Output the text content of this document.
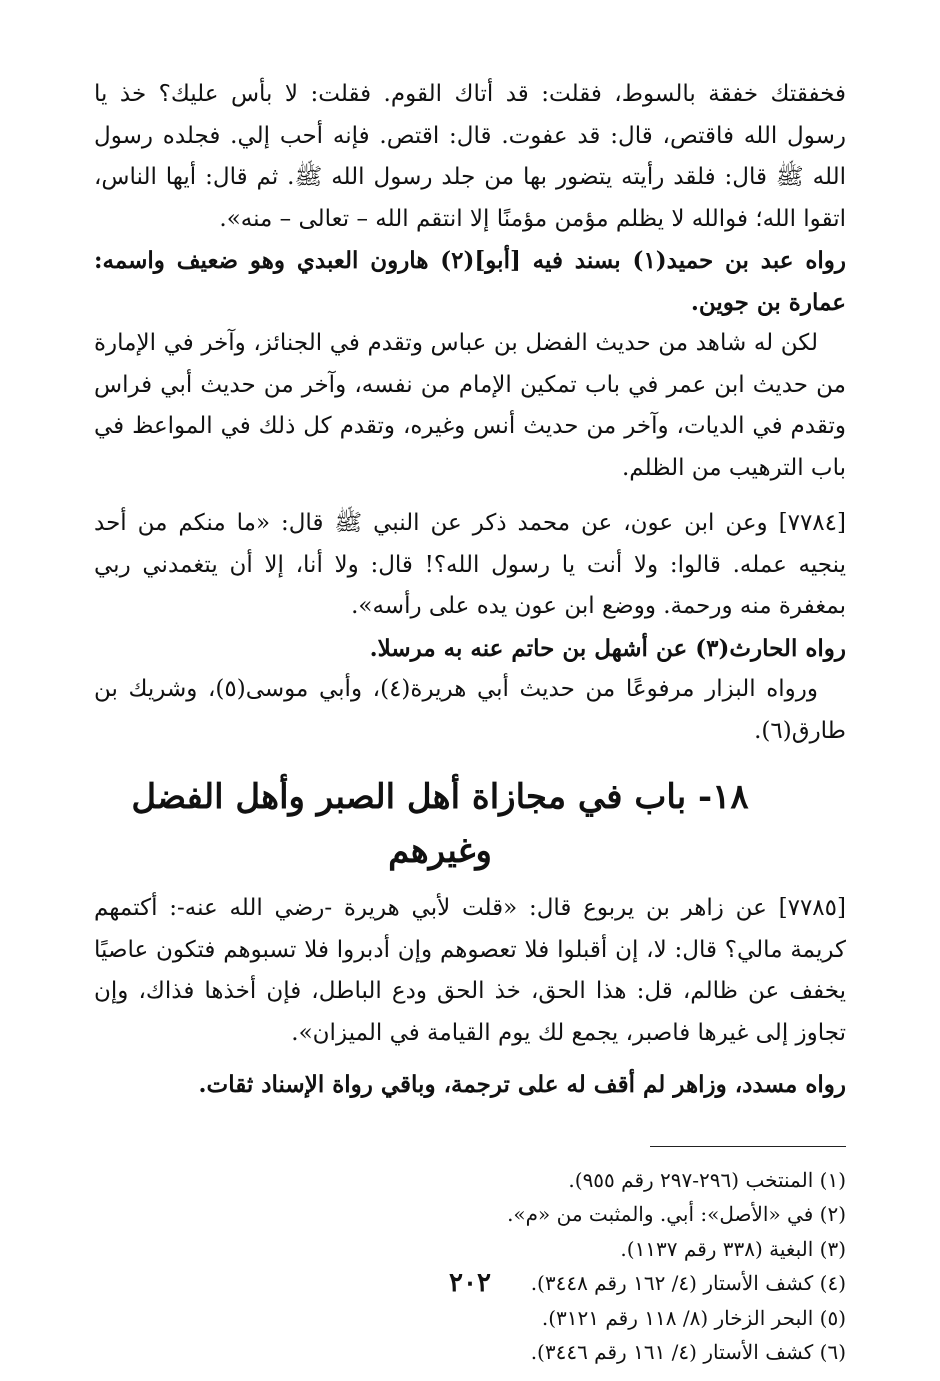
فخفقتك خفقة بالسوط، فقلت: قد أتاك القوم. فقلت: لا بأس عليك؟ خذ يا رسول الله فاقتص، قال: قد عفوت. قال: اقتص. فإنه أحب إلي. فجلده رسول الله ﷺ قال: فلقد رأيته يتضور بها من جلد رسول الله ﷺ. ثم قال: أيها الناس، اتقوا الله؛ فوالله لا يظلم مؤمن مؤمنًا إلا انتقم الله – تعالى – منه».

رواه عبد بن حميد(١) بسند فيه [أبو](٢) هارون العبدي وهو ضعيف واسمه: عمارة بن جوين.

لكن له شاهد من حديث الفضل بن عباس وتقدم في الجنائز، وآخر في الإمارة من حديث ابن عمر في باب تمكين الإمام من نفسه، وآخر من حديث أبي فراس وتقدم في الديات، وآخر من حديث أنس وغيره، وتقدم كل ذلك في المواعظ في باب الترهيب من الظلم.

[٧٧٨٤] وعن ابن عون، عن محمد ذكر عن النبي ﷺ قال: «ما منكم من أحد ينجيه عمله. قالوا: ولا أنت يا رسول الله؟! قال: ولا أنا، إلا أن يتغمدني ربي بمغفرة منه ورحمة. ووضع ابن عون يده على رأسه».

رواه الحارث(٣) عن أشهل بن حاتم عنه به مرسلا.

ورواه البزار مرفوعًا من حديث أبي هريرة(٤)، وأبي موسى(٥)، وشريك بن طارق(٦).

١٨- باب في مجازاة أهل الصبر وأهل الفضل وغيرهم

[٧٧٨٥] عن زاهر بن يربوع قال: «قلت لأبي هريرة -رضي الله عنه-: أكتمهم كريمة مالي؟ قال: لا، إن أقبلوا فلا تعصوهم وإن أدبروا فلا تسبوهم فتكون عاصيًا يخفف عن ظالم، قل: هذا الحق، خذ الحق ودع الباطل، فإن أخذها فذاك، وإن تجاوز إلى غيرها فاصبر، يجمع لك يوم القيامة في الميزان».

رواه مسدد، وزاهر لم أقف له على ترجمة، وباقي رواة الإسناد ثقات.

(١) المنتخب (٢٩٦-٢٩٧ رقم ٩٥٥).
(٢) في «الأصل»: أبي. والمثبت من «م».
(٣) البغية (٣٣٨ رقم ١١٣٧).
(٤) كشف الأستار (٤/ ١٦٢ رقم ٣٤٤٨).
(٥) البحر الزخار (٨/ ١١٨ رقم ٣١٢١).
(٦) كشف الأستار (٤/ ١٦١ رقم ٣٤٤٦).
٢٠٢
